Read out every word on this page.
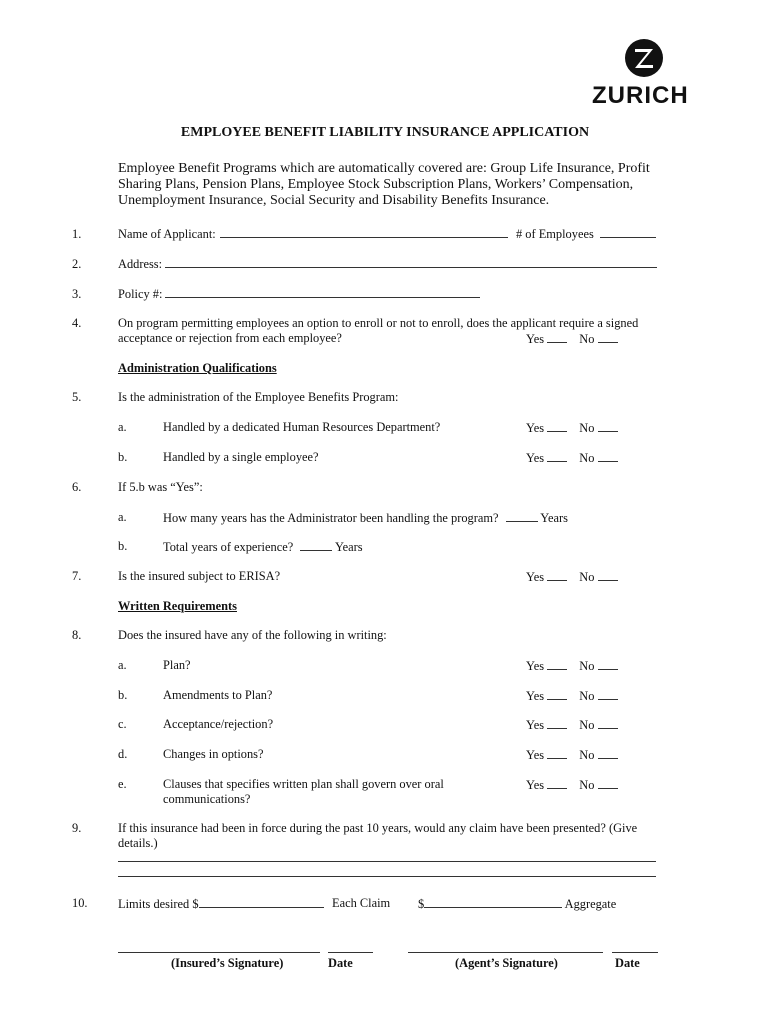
ZURICH
EMPLOYEE BENEFIT LIABILITY INSURANCE APPLICATION
Employee Benefit Programs which are automatically covered are: Group Life Insurance, Profit Sharing Plans, Pension Plans, Employee Stock Subscription Plans, Workers’ Compensation, Unemployment Insurance, Social Security and Disability Benefits Insurance.
1.	Name of Applicant:	# of Employees
2.	Address:
3.	Policy #:
4.	On program permitting employees an option to enroll or not to enroll, does the applicant require a signed
acceptance or rejection from each employee?	Yes	No
Administration Qualifications
5.	Is the administration of the Employee Benefits Program:
a.	Handled by a dedicated Human Resources Department?	Yes	No
b.	Handled by a single employee?	Yes	No
6.	If 5.b was “Yes”:
a.	How many years has the Administrator been handling the program?	Years
b.	Total years of experience?	Years
7.	Is the insured subject to ERISA?	Yes	No
Written Requirements
8.	Does the insured have any of the following in writing:
a.	Plan?	Yes	No
b.	Amendments to Plan?	Yes	No
c.	Acceptance/rejection?	Yes	No
d.	Changes in options?	Yes	No
e.	Clauses that specifies written plan shall govern over oral
communications?
Yes	No
9.	If this insurance had been in force during the past 10 years, would any claim have been presented? (Give
details.)
10. Limits desired $	Each Claim $	Aggregate
(Insured’s Signature)	Date	(Agent’s Signature)	Date
